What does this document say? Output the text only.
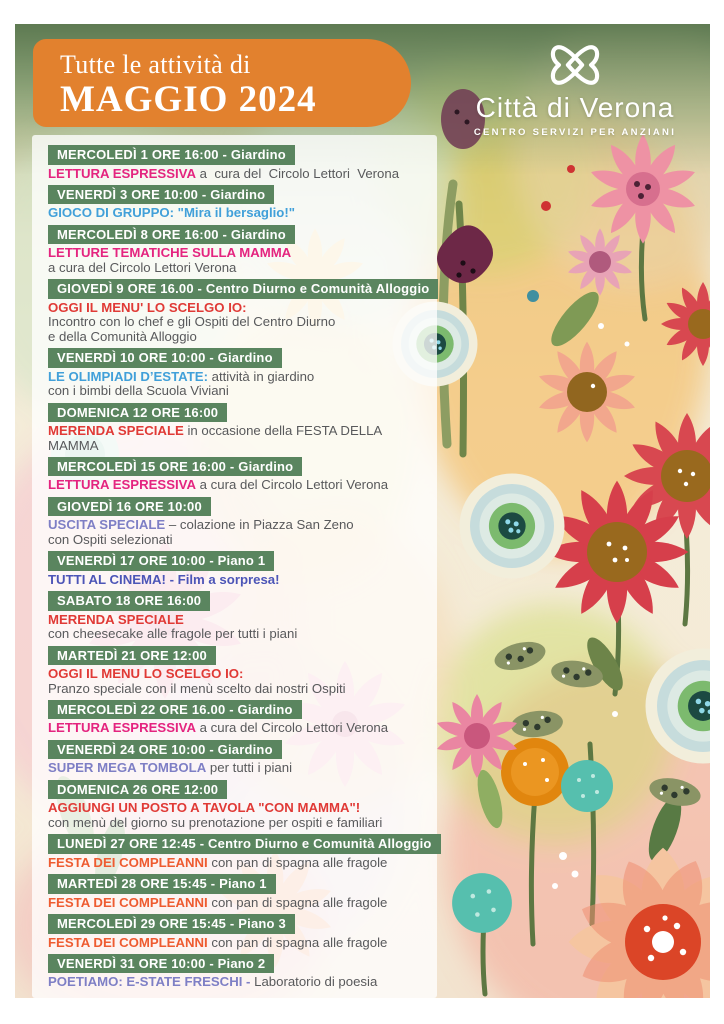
Tutte le attività di
MAGGIO 2024	Città di Verona
CENTRO SERVIZI PER ANZIANI
MERCOLEDÌ 1 ORE 16:00 - Giardino
LETTURA ESPRESSIVA a  cura del  Circolo Lettori  Verona
VENERDÌ 3 ORE 10:00 - Giardino
GIOCO DI GRUPPO: "Mira il bersaglio!"
MERCOLEDÌ 8 ORE 16:00 - Giardino
LETTURE TEMATICHE SULLA MAMMA
a cura del Circolo Lettori Verona
GIOVEDÌ 9 ORE 16.00 - Centro Diurno e Comunità Alloggio
OGGI IL MENU' LO SCELGO IO:
Incontro con lo chef e gli Ospiti del Centro Diurno
e della Comunità Alloggio
VENERDÌ 10 ORE 10:00 - Giardino
LE OLIMPIADI D’ESTATE: attività in giardino
con i bimbi della Scuola Viviani
DOMENICA 12 ORE 16:00
MERENDA SPECIALE in occasione della FESTA DELLA MAMMA
MERCOLEDÌ 15 ORE 16:00 - Giardino
LETTURA ESPRESSIVA a cura del Circolo Lettori Verona
GIOVEDÌ 16 ORE 10:00
USCITA SPECIALE – colazione in Piazza San Zeno
con Ospiti selezionati
VENERDÌ 17 ORE 10:00 - Piano 1
TUTTI AL CINEMA! - Film a sorpresa!
SABATO 18 ORE 16:00
MERENDA SPECIALE
con cheesecake alle fragole per tutti i piani
MARTEDÌ 21 ORE 12:00
OGGI IL MENU LO SCELGO IO:
Pranzo speciale con il menù scelto dai nostri Ospiti
MERCOLEDÌ 22 ORE 16.00 - Giardino
LETTURA ESPRESSIVA a cura del Circolo Lettori Verona
VENERDÌ 24 ORE 10:00 - Giardino
SUPER MEGA TOMBOLA per tutti i piani
DOMENICA 26 ORE 12:00
AGGIUNGI UN POSTO A TAVOLA "CON MAMMA"!
con menù del giorno su prenotazione per ospiti e familiari
LUNEDÌ 27 ORE 12:45 - Centro Diurno e Comunità Alloggio
FESTA DEI COMPLEANNI con pan di spagna alle fragole
MARTEDÌ 28 ORE 15:45 - Piano 1
FESTA DEI COMPLEANNI con pan di spagna alle fragole
MERCOLEDÌ 29 ORE 15:45 - Piano 3
FESTA DEI COMPLEANNI con pan di spagna alle fragole
VENERDÌ 31 ORE 10:00 - Piano 2
POETIAMO: E-STATE FRESCHI - Laboratorio di poesia
